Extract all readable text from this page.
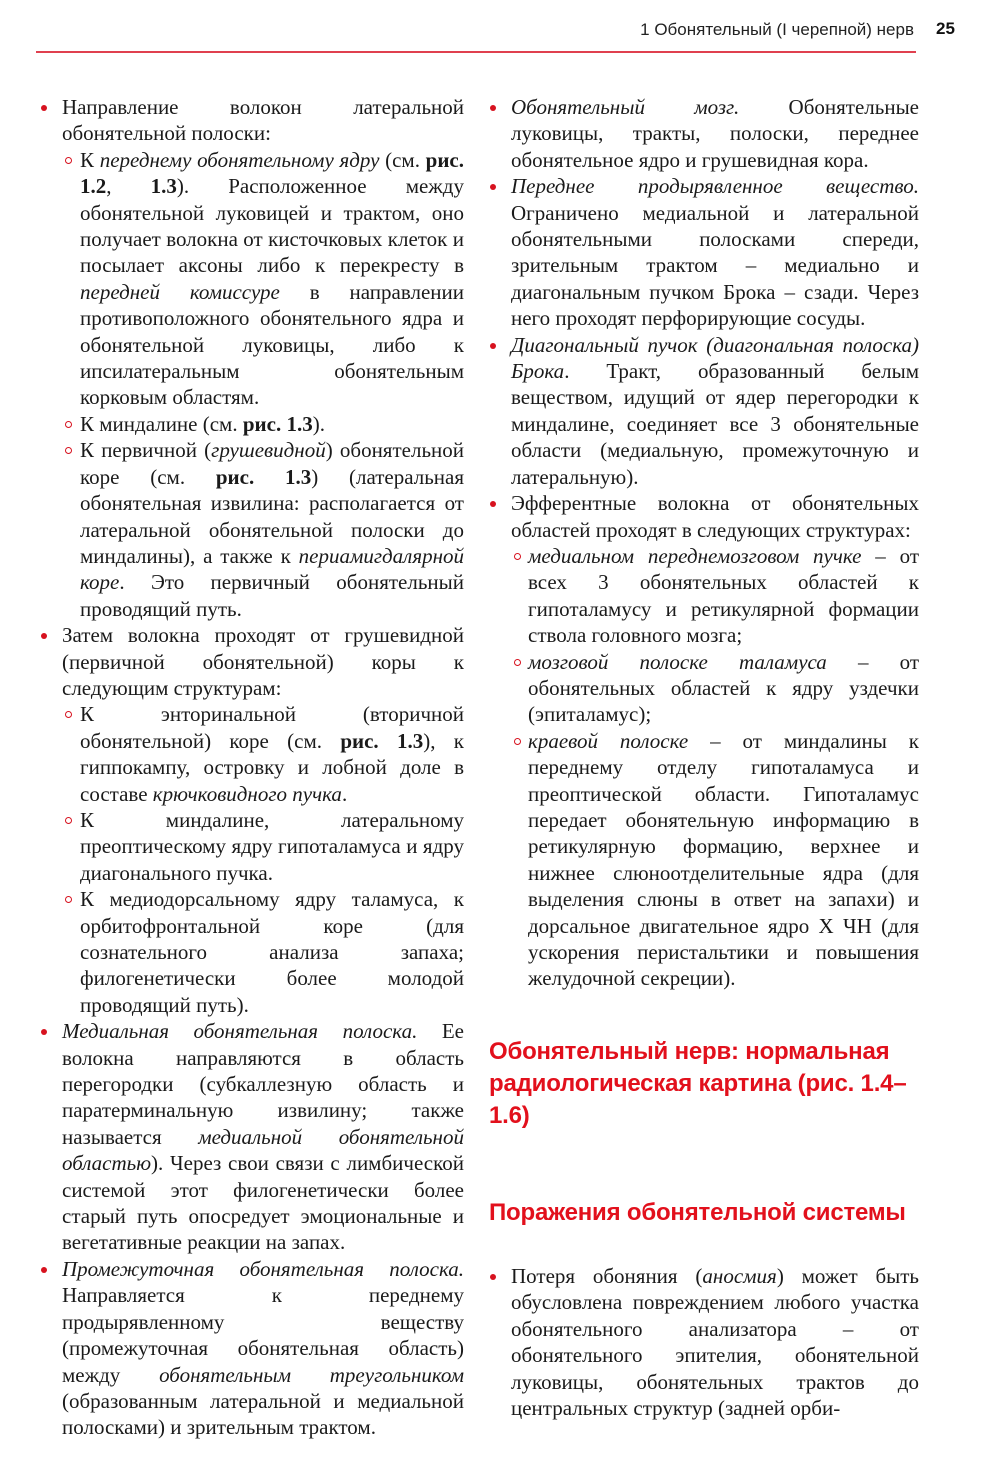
1 Обонятельный (I черепной) нерв 25
Направление волокон латеральной обонятельной полоски:
К переднему обонятельному ядру (см. рис. 1.2, 1.3). Расположенное между обонятельной луковицей и трактом, оно получает волокна от кисточковых клеток и посылает аксоны либо к перекресту в передней комиссуре в направлении противоположного обонятельного ядра и обонятельной луковицы, либо к ипсилатеральным обонятельным корковым областям.
К миндалине (см. рис. 1.3).
К первичной (грушевидной) обонятельной коре (см. рис. 1.3) (латеральная обонятельная извилина: располагается от латеральной обонятельной полоски до миндалины), а также к периамигдалярной коре. Это первичный обонятельный проводящий путь.
Затем волокна проходят от грушевидной (первичной обонятельной) коры к следующим структурам:
К энторинальной (вторичной обонятельной) коре (см. рис. 1.3), к гиппокампу, островку и лобной доле в составе крючковидного пучка.
К миндалине, латеральному преоптическому ядру гипоталамуса и ядру диагонального пучка.
К медиодорсальному ядру таламуса, к орбитофронтальной коре (для сознательного анализа запаха; филогенетически более молодой проводящий путь).
Медиальная обонятельная полоска. Ее волокна направляются в область перегородки (субкаллезную область и паратерминальную извилину; также называется медиальной обонятельной областью). Через свои связи с лимбической системой этот филогенетически более старый путь опосредует эмоциональные и вегетативные реакции на запах.
Промежуточная обонятельная полоска. Направляется к переднему продырявленному веществу (промежуточная обонятельная область) между обонятельным треугольником (образованным латеральной и медиальной полосками) и зрительным трактом.
Обонятельный мозг. Обонятельные луковицы, тракты, полоски, переднее обонятельное ядро и грушевидная кора.
Переднее продырявленное вещество. Ограничено медиальной и латеральной обонятельными полосками спереди, зрительным трактом – медиально и диагональным пучком Брока – сзади. Через него проходят перфорирующие сосуды.
Диагональный пучок (диагональная полоска) Брока. Тракт, образованный белым веществом, идущий от ядер перегородки к миндалине, соединяет все 3 обонятельные области (медиальную, промежуточную и латеральную).
Эфферентные волокна от обонятельных областей проходят в следующих структурах:
медиальном переднемозговом пучке – от всех 3 обонятельных областей к гипоталамусу и ретикулярной формации ствола головного мозга;
мозговой полоске таламуса – от обонятельных областей к ядру уздечки (эпиталамус);
краевой полоске – от миндалины к переднему отделу гипоталамуса и преоптической области. Гипоталамус передает обонятельную информацию в ретикулярную формацию, верхнее и нижнее слюноотделительные ядра (для выделения слюны в ответ на запахи) и дорсальное двигательное ядро X ЧН (для ускорения перистальтики и повышения желудочной секреции).
Обонятельный нерв: нормальная радиологическая картина (рис. 1.4–1.6)
Поражения обонятельной системы
Потеря обоняния (аносмия) может быть обусловлена повреждением любого участка обонятельного анализатора – от обонятельного эпителия, обонятельной луковицы, обонятельных трактов до центральных структур (задней орби-
